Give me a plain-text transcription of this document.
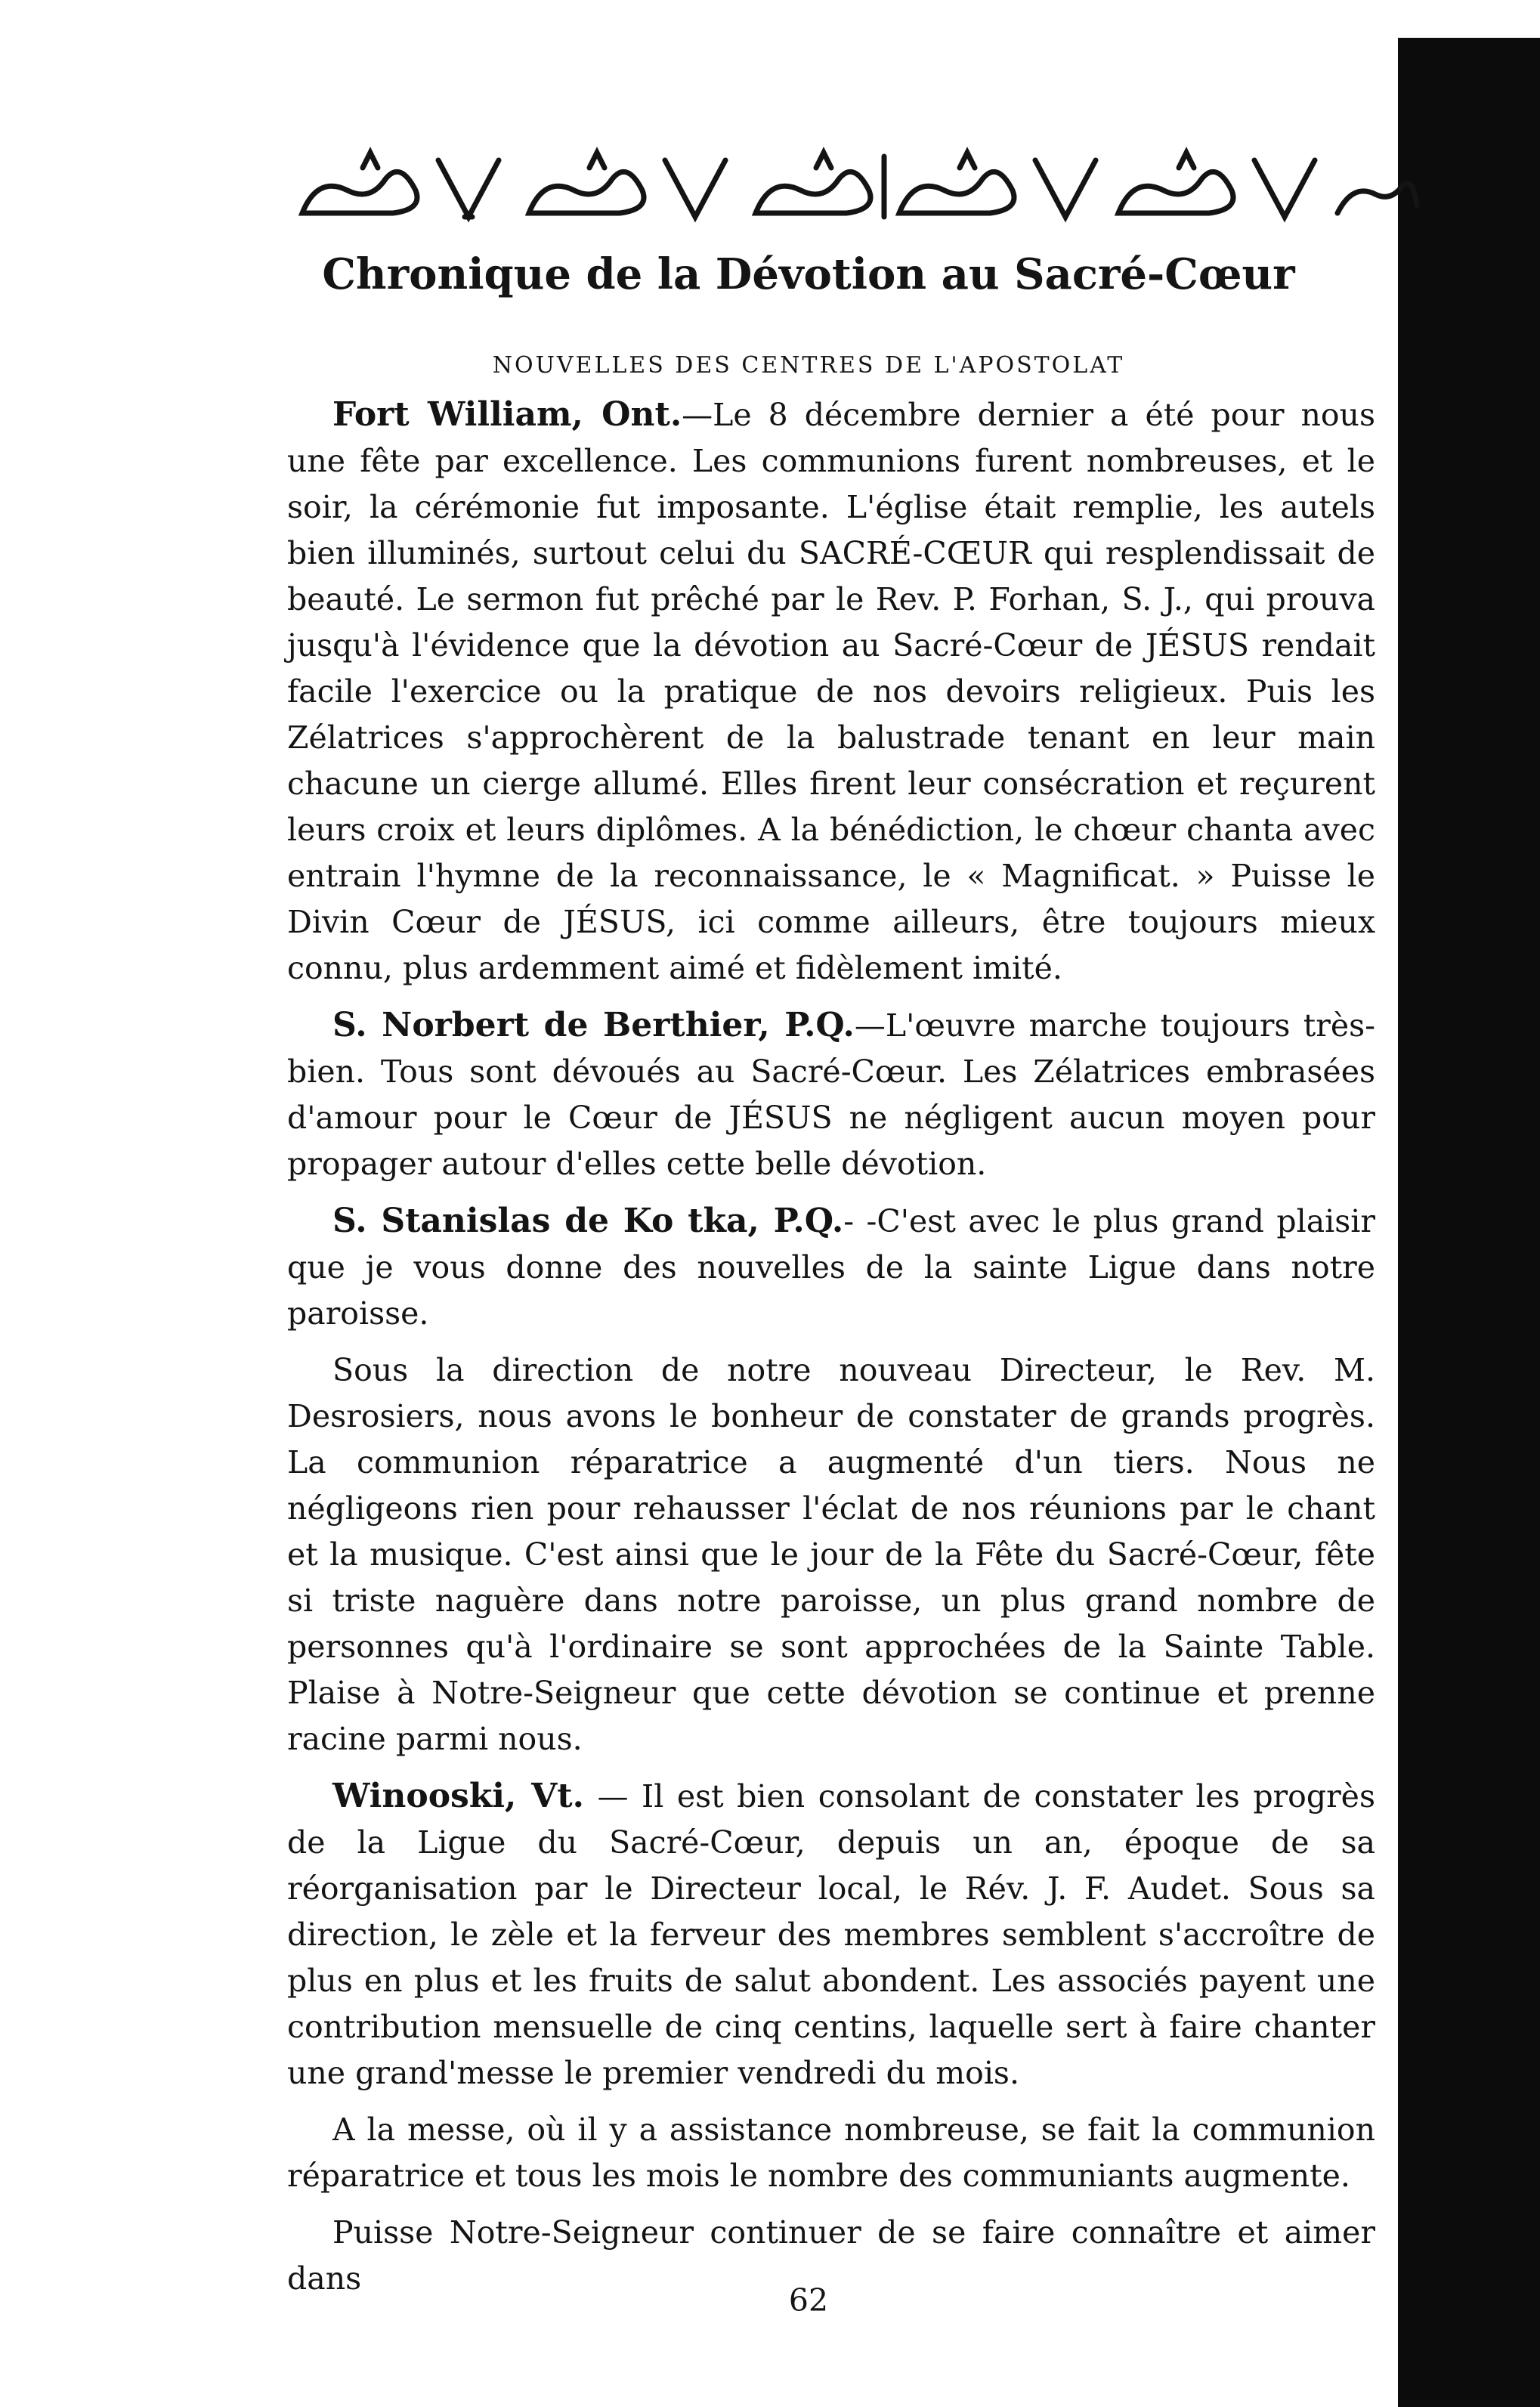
Chronique de la Dévotion au Sacré-Cœur
NOUVELLES DES CENTRES DE L'APOSTOLAT

Fort William, Ont.—Le 8 décembre dernier a été pour nous une fête par excellence. Les communions furent nombreuses, et le soir, la cérémonie fut imposante. L'église était remplie, les autels bien illuminés, surtout celui du SACRÉ-CŒUR qui resplendissait de beauté. Le sermon fut prêché par le Rev. P. Forhan, S. J., qui prouva jusqu'à l'évidence que la dévotion au Sacré-Cœur de JÉSUS rendait facile l'exercice ou la pratique de nos devoirs religieux. Puis les Zélatrices s'approchèrent de la balustrade tenant en leur main chacune un cierge allumé. Elles firent leur consécration et reçurent leurs croix et leurs diplômes. A la bénédiction, le chœur chanta avec entrain l'hymne de la reconnaissance, le « Magnificat. » Puisse le Divin Cœur de JÉSUS, ici comme ailleurs, être toujours mieux connu, plus ardemment aimé et fidèlement imité.

S. Norbert de Berthier, P.Q.—L'œuvre marche toujours très-bien. Tous sont dévoués au Sacré-Cœur. Les Zélatrices embrasées d'amour pour le Cœur de JÉSUS ne négligent aucun moyen pour propager autour d'elles cette belle dévotion.

S. Stanislas de Ko tka, P.Q.- -C'est avec le plus grand plaisir que je vous donne des nouvelles de la sainte Ligue dans notre paroisse.

Sous la direction de notre nouveau Directeur, le Rev. M. Desrosiers, nous avons le bonheur de constater de grands progrès. La communion réparatrice a augmenté d'un tiers. Nous ne négligeons rien pour rehausser l'éclat de nos réunions par le chant et la musique. C'est ainsi que le jour de la Fête du Sacré-Cœur, fête si triste naguère dans notre paroisse, un plus grand nombre de personnes qu'à l'ordinaire se sont approchées de la Sainte Table. Plaise à Notre-Seigneur que cette dévotion se continue et prenne racine parmi nous.

Winooski, Vt. — Il est bien consolant de constater les progrès de la Ligue du Sacré-Cœur, depuis un an, époque de sa réorganisation par le Directeur local, le Rév. J. F. Audet. Sous sa direction, le zèle et la ferveur des membres semblent s'accroître de plus en plus et les fruits de salut abondent. Les associés payent une contribution mensuelle de cinq centins, laquelle sert à faire chanter une grand'messe le premier vendredi du mois.

A la messe, où il y a assistance nombreuse, se fait la communion réparatrice et tous les mois le nombre des communiants augmente.

Puisse Notre-Seigneur continuer de se faire connaître et aimer dans

62
